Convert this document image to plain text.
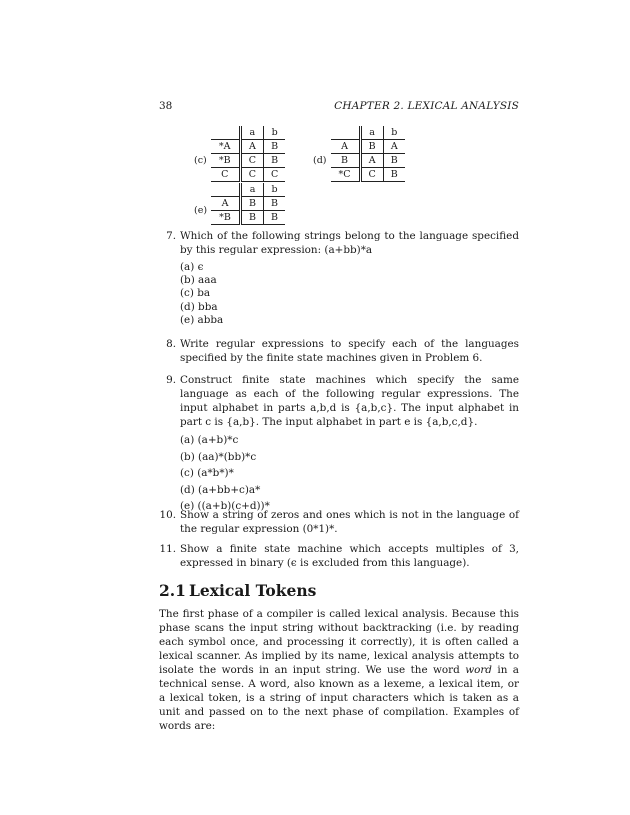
38	CHAPTER 2. LEXICAL ANALYSIS
		a	b
(c)	*A	A	B
	*B	C	B
	C	C	C
		a	b
(d)	A	B	A
	B	A	B
	*C	C	B
		a	b
(e)	A	B	B
	*B	B	B
7. Which of the following strings belong to the language specified by this regular expression: (a+bb)*a
(a) ϵ
(b) aaa
(c) ba
(d) bba
(e) abba
8. Write regular expressions to specify each of the languages specified by the finite state machines given in Problem 6.
9. Construct finite state machines which specify the same language as each of the following regular expressions. The input alphabet in parts a,b,d is {a,b,c}. The input alphabet in part c is {a,b}. The input alphabet in part e is {a,b,c,d}.
(a) (a+b)*c
(b) (aa)*(bb)*c
(c) (a*b*)*
(d) (a+bb+c)a*
(e) ((a+b)(c+d))*
10. Show a string of zeros and ones which is not in the language of the regular expression (0*1)*.
11. Show a finite state machine which accepts multiples of 3, expressed in binary (ϵ is excluded from this language).
2.1 Lexical Tokens
The first phase of a compiler is called lexical analysis. Because this phase scans the input string without backtracking (i.e. by reading each symbol once, and processing it correctly), it is often called a lexical scanner. As implied by its name, lexical analysis attempts to isolate the words in an input string. We use the word word in a technical sense. A word, also known as a lexeme, a lexical item, or a lexical token, is a string of input characters which is taken as a unit and passed on to the next phase of compilation. Examples of words are:
